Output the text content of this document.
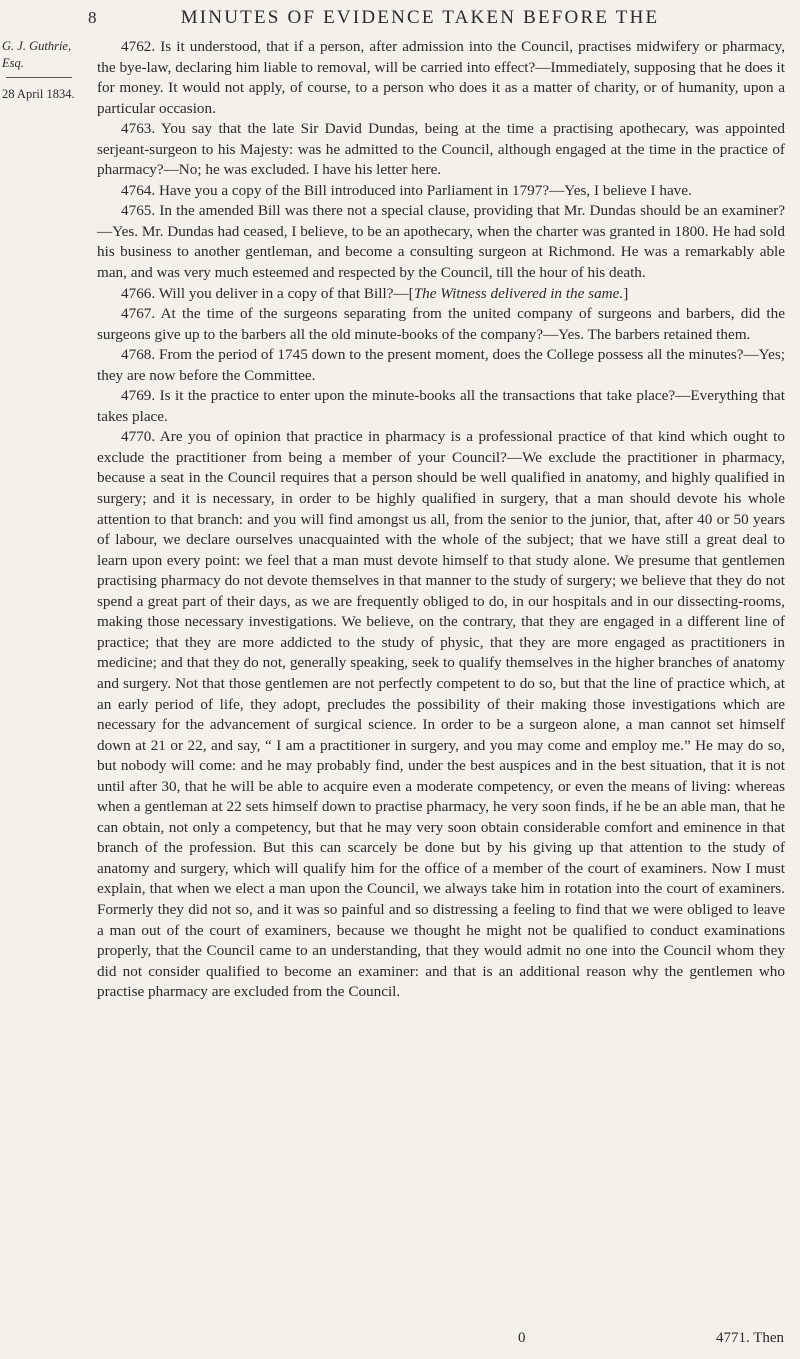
8	MINUTES OF EVIDENCE TAKEN BEFORE THE
G. J. Guthrie, Esq.
28 April 1834.

4762. Is it understood, that if a person, after admission into the Council, practises midwifery or pharmacy, the bye-law, declaring him liable to removal, will be carried into effect?—Immediately, supposing that he does it for money. It would not apply, of course, to a person who does it as a matter of charity, or of humanity, upon a particular occasion.

4763. You say that the late Sir David Dundas, being at the time a practising apothecary, was appointed serjeant-surgeon to his Majesty: was he admitted to the Council, although engaged at the time in the practice of pharmacy?—No; he was excluded. I have his letter here.

4764. Have you a copy of the Bill introduced into Parliament in 1797?—Yes, I believe I have.

4765. In the amended Bill was there not a special clause, providing that Mr. Dundas should be an examiner?—Yes. Mr. Dundas had ceased, I believe, to be an apothecary, when the charter was granted in 1800. He had sold his business to another gentleman, and become a consulting surgeon at Richmond. He was a remarkably able man, and was very much esteemed and respected by the Council, till the hour of his death.

4766. Will you deliver in a copy of that Bill?—[The Witness delivered in the same.]

4767. At the time of the surgeons separating from the united company of surgeons and barbers, did the surgeons give up to the barbers all the old minute-books of the company?—Yes. The barbers retained them.

4768. From the period of 1745 down to the present moment, does the College possess all the minutes?—Yes; they are now before the Committee.

4769. Is it the practice to enter upon the minute-books all the transactions that take place?—Everything that takes place.

4770. Are you of opinion that practice in pharmacy is a professional practice of that kind which ought to exclude the practitioner from being a member of your Council?—We exclude the practitioner in pharmacy, because a seat in the Council requires that a person should be well qualified in anatomy, and highly qualified in surgery; and it is necessary, in order to be highly qualified in surgery, that a man should devote his whole attention to that branch: and you will find amongst us all, from the senior to the junior, that, after 40 or 50 years of labour, we declare ourselves unacquainted with the whole of the subject; that we have still a great deal to learn upon every point: we feel that a man must devote himself to that study alone. We presume that gentlemen practising pharmacy do not devote themselves in that manner to the study of surgery; we believe that they do not spend a great part of their days, as we are frequently obliged to do, in our hospitals and in our dissecting-rooms, making those necessary investigations. We believe, on the contrary, that they are engaged in a different line of practice; that they are more addicted to the study of physic, that they are more engaged as practitioners in medicine; and that they do not, generally speaking, seek to qualify themselves in the higher branches of anatomy and surgery. Not that those gentlemen are not perfectly competent to do so, but that the line of practice which, at an early period of life, they adopt, precludes the possibility of their making those investigations which are necessary for the advancement of surgical science. In order to be a surgeon alone, a man cannot set himself down at 21 or 22, and say, “ I am a practitioner in surgery, and you may come and employ me.” He may do so, but nobody will come: and he may probably find, under the best auspices and in the best situation, that it is not until after 30, that he will be able to acquire even a moderate competency, or even the means of living: whereas when a gentleman at 22 sets himself down to practise pharmacy, he very soon finds, if he be an able man, that he can obtain, not only a competency, but that he may very soon obtain considerable comfort and eminence in that branch of the profession. But this can scarcely be done but by his giving up that attention to the study of anatomy and surgery, which will qualify him for the office of a member of the court of examiners. Now I must explain, that when we elect a man upon the Council, we always take him in rotation into the court of examiners. Formerly they did not so, and it was so painful and so distressing a feeling to find that we were obliged to leave a man out of the court of examiners, because we thought he might not be qualified to conduct examinations properly, that the Council came to an understanding, that they would admit no one into the Council whom they did not consider qualified to become an examiner: and that is an additional reason why the gentlemen who practise pharmacy are excluded from the Council.

0	4771. Then
